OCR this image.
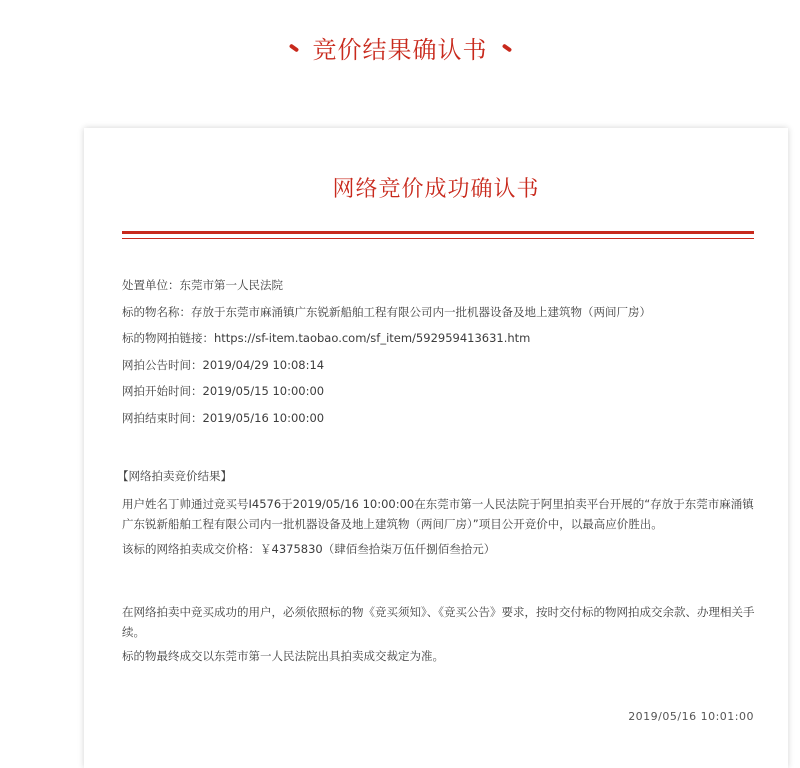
竞价结果确认书
网络竞价成功确认书
处置单位：东莞市第一人民法院
标的物名称：存放于东莞市麻涌镇广东锐新船舶工程有限公司内一批机器设备及地上建筑物（两间厂房）
标的物网拍链接：https://sf-item.taobao.com/sf_item/592959413631.htm
网拍公告时间：2019/04/29 10:08:14
网拍开始时间：2019/05/15 10:00:00
网拍结束时间：2019/05/16 10:00:00
【网络拍卖竞价结果】
用户姓名丁帅通过竞买号I4576于2019/05/16 10:00:00在东莞市第一人民法院于阿里拍卖平台开展的“存放于东莞市麻涌镇广东锐新船舶工程有限公司内一批机器设备及地上建筑物（两间厂房）”项目公开竞价中，以最高应价胜出。
该标的网络拍卖成交价格：￥4375830（肆佰叁拾柒万伍仟捌佰叁拾元）
在网络拍卖中竞买成功的用户，必须依照标的物《竞买须知》、《竞买公告》要求，按时交付标的物网拍成交余款、办理相关手续。
标的物最终成交以东莞市第一人民法院出具拍卖成交裁定为准。
2019/05/16 10:01:00
